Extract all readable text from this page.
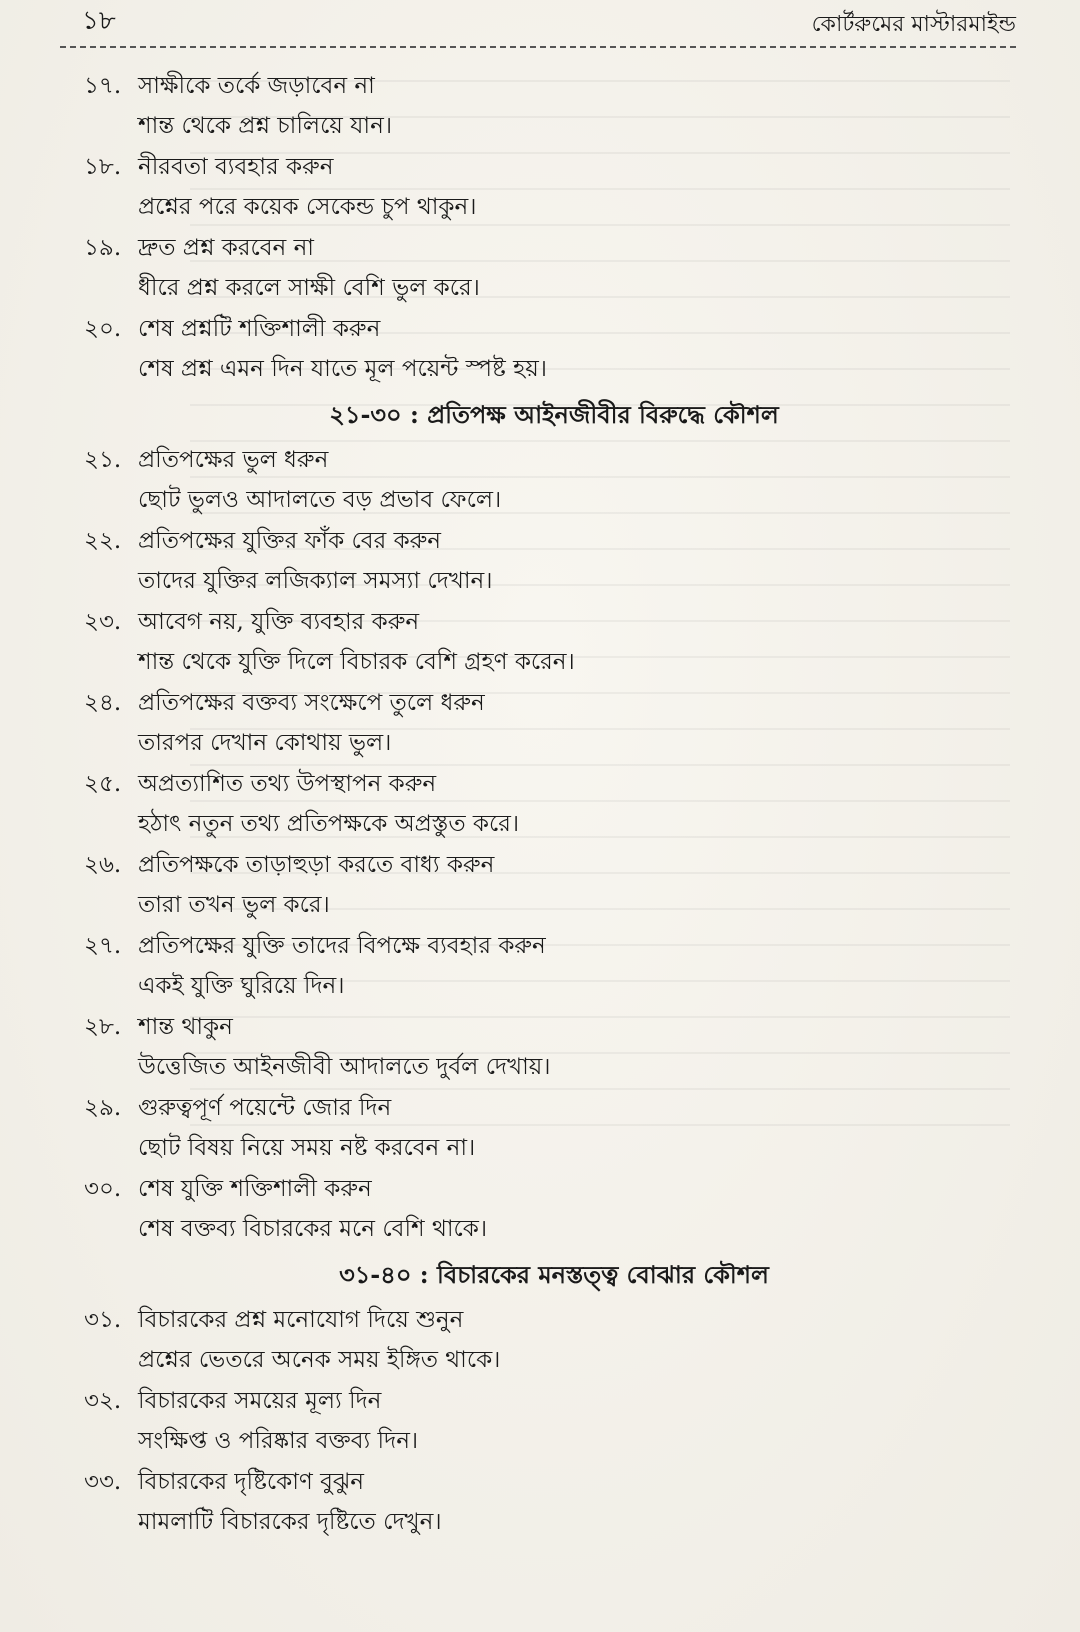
১৮	কোর্টরুমের মাস্টারমাইন্ড
১৭. সাক্ষীকে তর্কে জড়াবেন না
শান্ত থেকে প্রশ্ন চালিয়ে যান।
১৮. নীরবতা ব্যবহার করুন
প্রশ্নের পরে কয়েক সেকেন্ড চুপ থাকুন।
১৯. দ্রুত প্রশ্ন করবেন না
ধীরে প্রশ্ন করলে সাক্ষী বেশি ভুল করে।
২০. শেষ প্রশ্নটি শক্তিশালী করুন
শেষ প্রশ্ন এমন দিন যাতে মূল পয়েন্ট স্পষ্ট হয়।
২১-৩০ : প্রতিপক্ষ আইনজীবীর বিরুদ্ধে কৌশল
২১. প্রতিপক্ষের ভুল ধরুন
ছোট ভুলও আদালতে বড় প্রভাব ফেলে।
২২. প্রতিপক্ষের যুক্তির ফাঁক বের করুন
তাদের যুক্তির লজিক্যাল সমস্যা দেখান।
২৩. আবেগ নয়, যুক্তি ব্যবহার করুন
শান্ত থেকে যুক্তি দিলে বিচারক বেশি গ্রহণ করেন।
২৪. প্রতিপক্ষের বক্তব্য সংক্ষেপে তুলে ধরুন
তারপর দেখান কোথায় ভুল।
২৫. অপ্রত্যাশিত তথ্য উপস্থাপন করুন
হঠাৎ নতুন তথ্য প্রতিপক্ষকে অপ্রস্তুত করে।
২৬. প্রতিপক্ষকে তাড়াহুড়া করতে বাধ্য করুন
তারা তখন ভুল করে।
২৭. প্রতিপক্ষের যুক্তি তাদের বিপক্ষে ব্যবহার করুন
একই যুক্তি ঘুরিয়ে দিন।
২৮. শান্ত থাকুন
উত্তেজিত আইনজীবী আদালতে দুর্বল দেখায়।
২৯. গুরুত্বপূর্ণ পয়েন্টে জোর দিন
ছোট বিষয় নিয়ে সময় নষ্ট করবেন না।
৩০. শেষ যুক্তি শক্তিশালী করুন
শেষ বক্তব্য বিচারকের মনে বেশি থাকে।
৩১-৪০ : বিচারকের মনস্তত্ত্ব বোঝার কৌশল
৩১. বিচারকের প্রশ্ন মনোযোগ দিয়ে শুনুন
প্রশ্নের ভেতরে অনেক সময় ইঙ্গিত থাকে।
৩২. বিচারকের সময়ের মূল্য দিন
সংক্ষিপ্ত ও পরিষ্কার বক্তব্য দিন।
৩৩. বিচারকের দৃষ্টিকোণ বুঝুন
মামলাটি বিচারকের দৃষ্টিতে দেখুন।
